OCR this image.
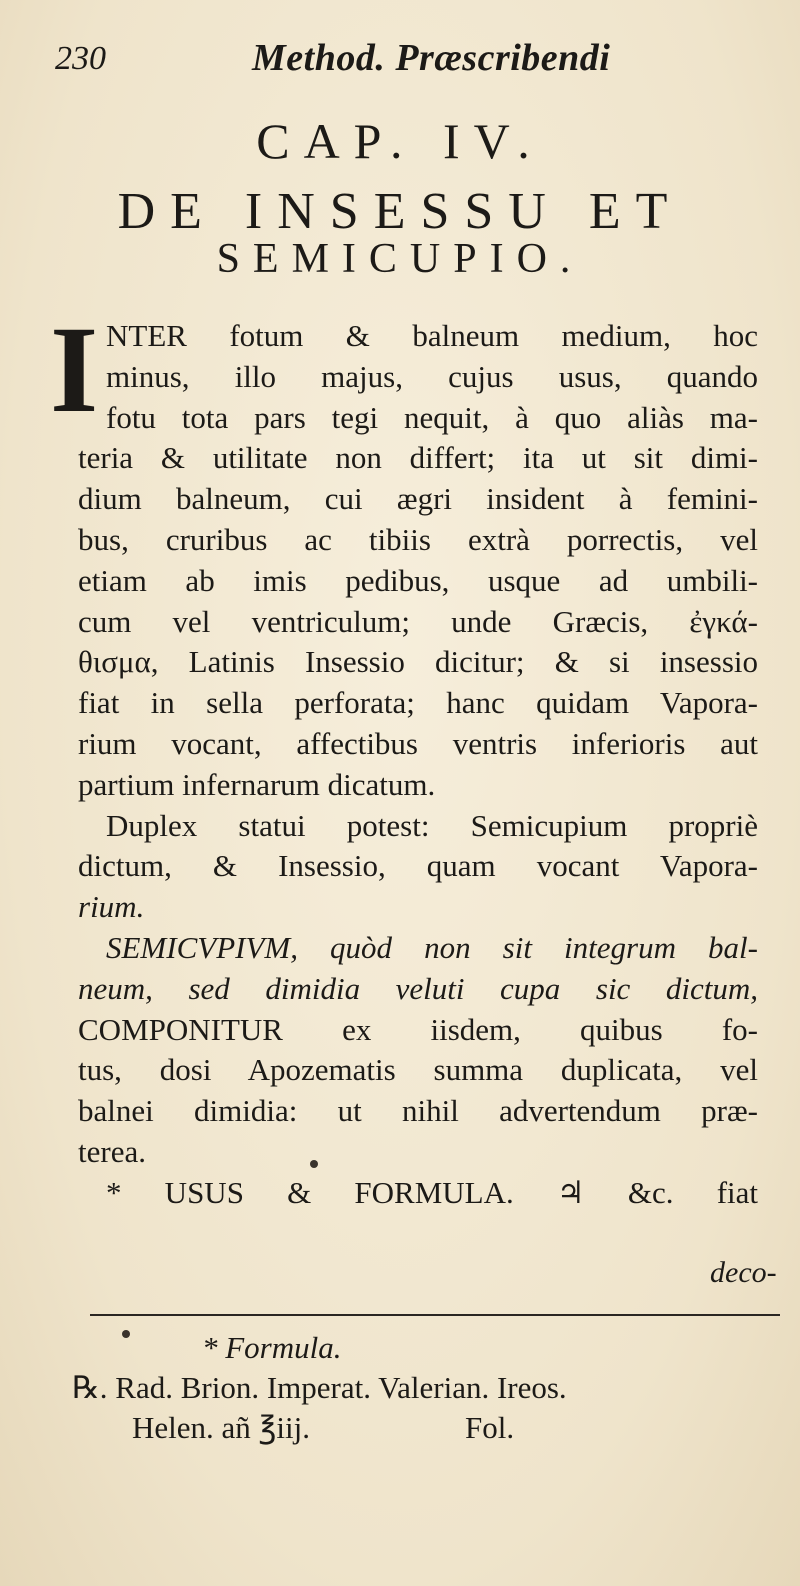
230	Method. Præscribendi
CAP. IV.
DE INSESSU ET
SEMICUPIO.
I NTER fotum & balneum medium, hoc
minus, illo majus, cujus usus, quando
fotu tota pars tegi nequit, à quo aliàs ma-
teria & utilitate non differt; ita ut sit dimi-
dium balneum, cui ægri insident à femini-
bus, cruribus ac tibiis extrà porrectis, vel
etiam ab imis pedibus, usque ad umbili-
cum vel ventriculum; unde Græcis, ἐγκά-
θισμα, Latinis Insessio dicitur; & si insessio
fiat in sella perforata; hanc quidam Vapora-
rium vocant, affectibus ventris inferioris aut
partium infernarum dicatum.
Duplex statui potest: Semicupium propriè
dictum, & Insessio, quam vocant Vapora-
rium.
SEMICVPIVM, quòd non sit integrum bal-
neum, sed dimidia veluti cupa sic dictum,
COMPONITUR ex iisdem, quibus fo-
tus, dosi Apozematis summa duplicata, vel
balnei dimidia: ut nihil advertendum præ-
terea.
* USUS & FORMULA. ♃ &c. fiat
deco-
* Formula.
℞. Rad. Brion. Imperat. Valerian. Ireos.
Helen. añ ℥iij.                    Fol.
